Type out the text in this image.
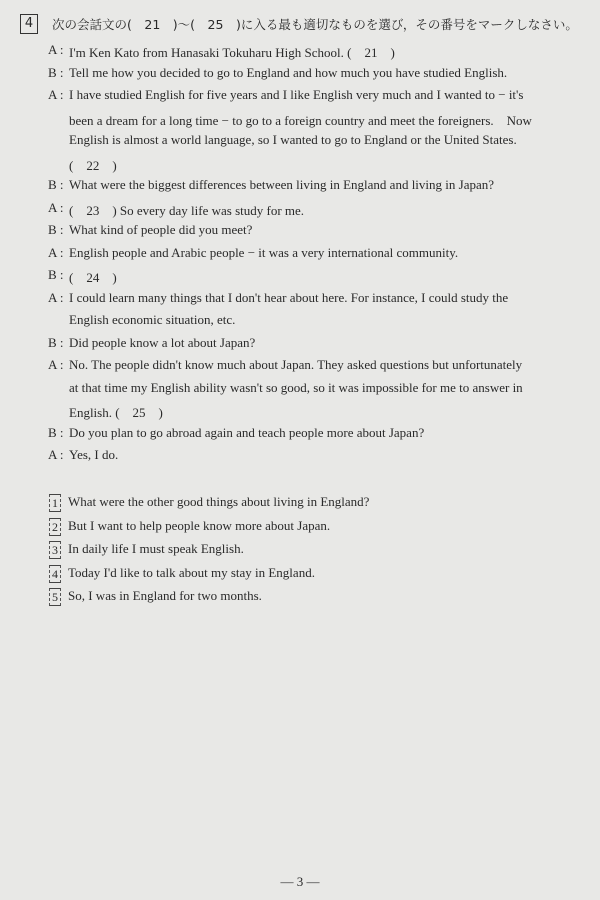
4	次の会話文の(　21　)～(　25　)に入る最も適切なものを選び，その番号をマークしなさい。
A : I'm Ken Kato from Hanasaki Tokuharu High School. (　21　)
B : Tell me how you decided to go to England and how much you have studied English.
A : I have studied English for five years and I like English very much and I wanted to − it's
been a dream for a long time − to go to a foreign country and meet the foreigners.　Now
English is almost a world language, so I wanted to go to England or the United States.
(　22　)
B : What were the biggest differences between living in England and living in Japan?
A : (　23　) So every day life was study for me.
B : What kind of people did you meet?
A : English people and Arabic people − it was a very international community.
B : (　24　)
A : I could learn many things that I don't hear about here. For instance, I could study the
English economic situation, etc.
B : Did people know a lot about Japan?
A : No. The people didn't know much about Japan. They asked questions but unfortunately
at that time my English ability wasn't so good, so it was impossible for me to answer in
English. (　25　)
B : Do you plan to go abroad again and teach people more about Japan?
A : Yes, I do.
1 What were the other good things about living in England?
2 But I want to help people know more about Japan.
3 In daily life I must speak English.
4 Today I'd like to talk about my stay in England.
5 So, I was in England for two months.
— 3 —
